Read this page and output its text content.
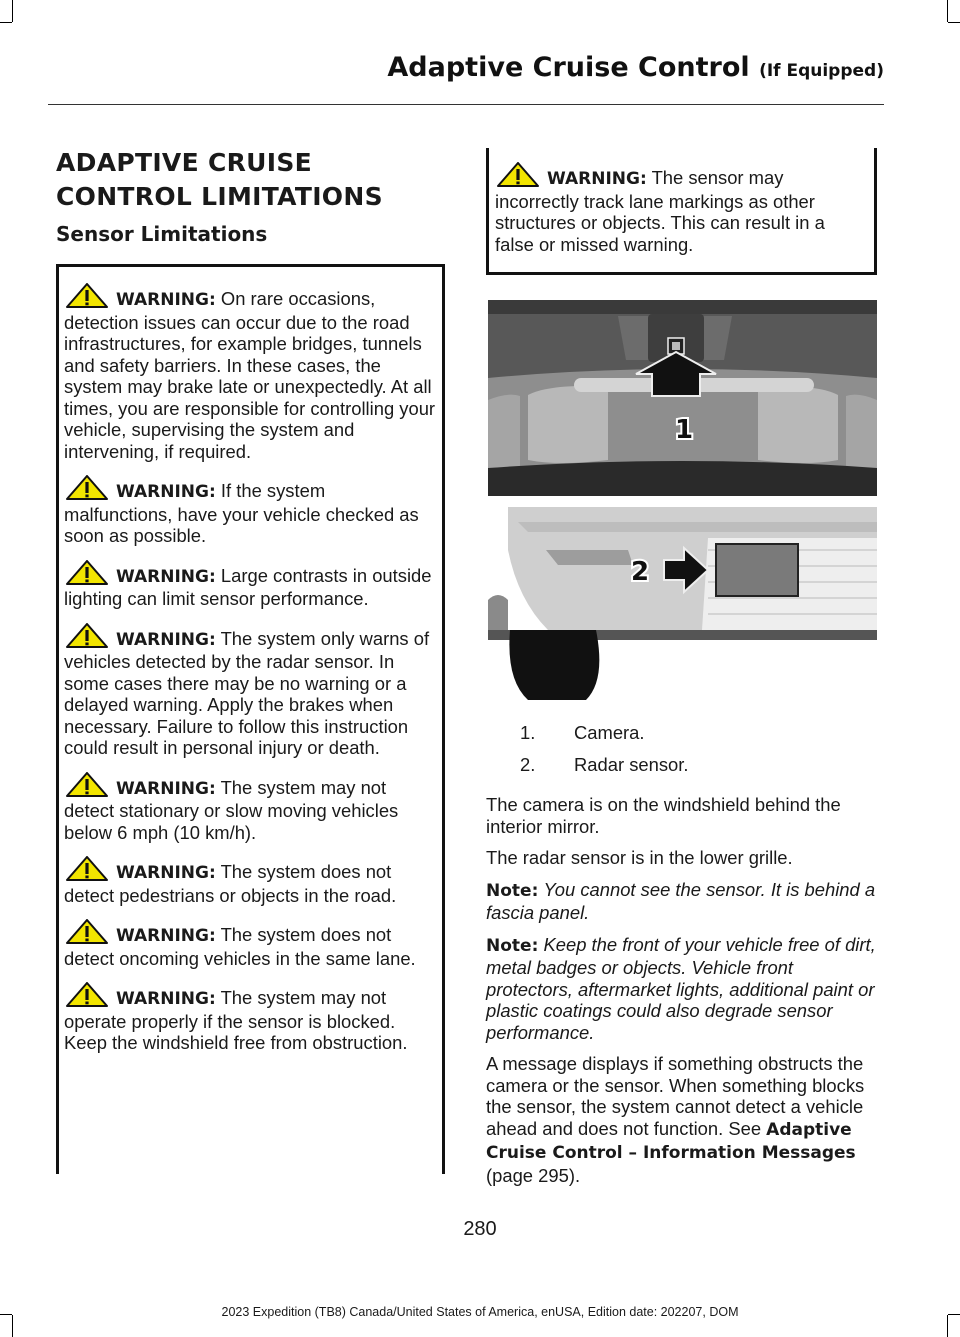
Adaptive Cruise Control (If Equipped)
ADAPTIVE CRUISE CONTROL LIMITATIONS
Sensor Limitations

WARNING: On rare occasions, detection issues can occur due to the road infrastructures, for example bridges, tunnels and safety barriers. In these cases, the system may brake late or unexpectedly. At all times, you are responsible for controlling your vehicle, supervising the system and intervening, if required.

WARNING: If the system malfunctions, have your vehicle checked as soon as possible.

WARNING: Large contrasts in outside lighting can limit sensor performance.

WARNING: The system only warns of vehicles detected by the radar sensor. In some cases there may be no warning or a delayed warning. Apply the brakes when necessary. Failure to follow this instruction could result in personal injury or death.

WARNING: The system may not detect stationary or slow moving vehicles below 6 mph (10 km/h).

WARNING: The system does not detect pedestrians or objects in the road.

WARNING: The system does not detect oncoming vehicles in the same lane.

WARNING: The system may not operate properly if the sensor is blocked. Keep the windshield free from obstruction.

WARNING: The sensor may incorrectly track lane markings as other structures or objects. This can result in a false or missed warning.

1
2
1. Camera.
2. Radar sensor.

The camera is on the windshield behind the interior mirror.

The radar sensor is in the lower grille.

Note: You cannot see the sensor. It is behind a fascia panel.

Note: Keep the front of your vehicle free of dirt, metal badges or objects. Vehicle front protectors, aftermarket lights, additional paint or plastic coatings could also degrade sensor performance.

A message displays if something obstructs the camera or the sensor. When something blocks the sensor, the system cannot detect a vehicle ahead and does not function. See Adaptive Cruise Control – Information Messages (page 295).

280
2023 Expedition (TB8) Canada/United States of America, enUSA, Edition date: 202207, DOM
